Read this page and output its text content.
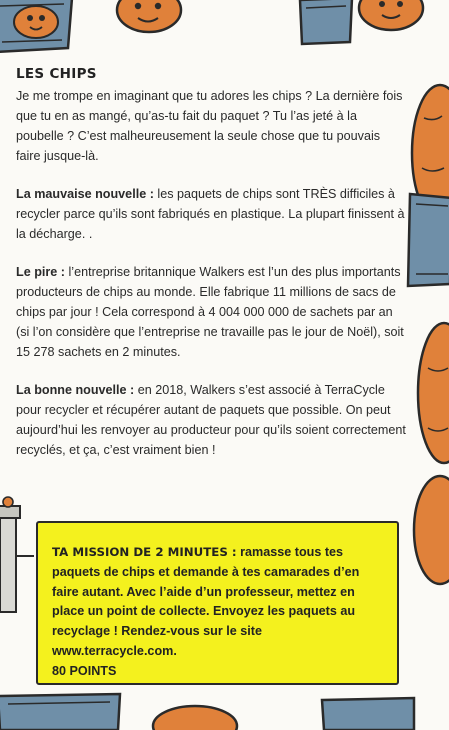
LES CHIPS

Je me trompe en imaginant que tu adores les chips ? La dernière fois que tu en as mangé, qu’as-tu fait du paquet ? Tu l’as jeté à la poubelle ? C’est malheureusement la seule chose que tu pouvais faire jusque-là.

La mauvaise nouvelle : les paquets de chips sont TRÈS difficiles à recycler parce qu’ils sont fabriqués en plastique. La plupart finissent à la décharge. .

Le pire : l’entreprise britannique Walkers est l’un des plus importants producteurs de chips au monde. Elle fabrique 11 millions de sacs de chips par jour ! Cela correspond à 4 004 000 000 de sachets par an (si l’on considère que l’entreprise ne travaille pas le jour de Noël), soit 15 278 sachets en 2 minutes.

La bonne nouvelle : en 2018, Walkers s’est associé à TerraCycle pour recycler et récupérer autant de paquets que possible. On peut aujourd’hui les renvoyer au producteur pour qu’ils soient correctement recyclés, et ça, c’est vraiment bien !

TA MISSION DE 2 MINUTES : ramasse tous tes paquets de chips et demande à tes camarades d’en faire autant. Avec l’aide d’un professeur, mettez en place un point de collecte. Envoyez les paquets au recyclage ! Rendez-vous sur le site www.terracycle.com.
80 POINTS
